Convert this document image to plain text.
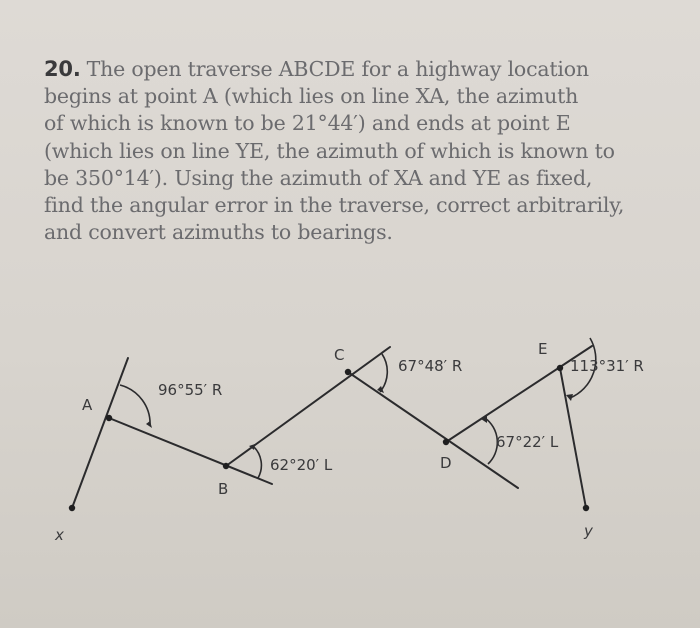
20. The open traverse ABCDE for a highway location
begins at point A (which lies on line XA, the azimuth
of which is known to be 21°44′) and ends at point E
(which lies on line YE, the azimuth of which is known to
be 350°14′). Using the azimuth of XA and YE as fixed,
find the angular error in the traverse, correct arbitrarily,
and convert azimuths to bearings.
x
A
B
C
D
E
y
96°55′ R
62°20′ L
67°48′ R
67°22′ L
113°31′ R
